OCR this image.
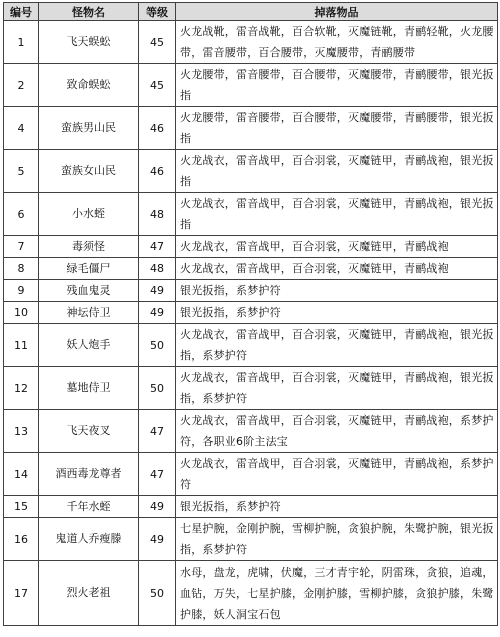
编号	怪物名	等级	掉落物品
1	飞天蜈蚣	45	火龙战靴，雷音战靴，百合软靴，灭魔链靴，青鹂轻靴，火龙腰带，雷音腰带，百合腰带，灭魔腰带，青鹂腰带
2	致命蜈蚣	45	火龙腰带，雷音腰带，百合腰带，灭魔腰带，青鹂腰带，银光扳指
4	蛮族男山民	46	火龙腰带，雷音腰带，百合腰带，灭魔腰带，青鹂腰带，银光扳指
5	蛮族女山民	46	火龙战衣，雷音战甲，百合羽裳，灭魔链甲，青鹂战袍，银光扳指
6	小水蛭	48	火龙战衣，雷音战甲，百合羽裳，灭魔链甲，青鹂战袍，银光扳指
7	毒须怪	47	火龙战衣，雷音战甲，百合羽裳，灭魔链甲，青鹂战袍
8	绿毛僵尸	48	火龙战衣，雷音战甲，百合羽裳，灭魔链甲，青鹂战袍
9	残血鬼灵	49	银光扳指，系梦护符
10	神坛侍卫	49	银光扳指，系梦护符
11	妖人炮手	50	火龙战衣，雷音战甲，百合羽裳，灭魔链甲，青鹂战袍，银光扳指，系梦护符
12	墓地侍卫	50	火龙战衣，雷音战甲，百合羽裳，灭魔链甲，青鹂战袍，银光扳指，系梦护符
13	飞天夜叉	47	火龙战衣，雷音战甲，百合羽裳，灭魔链甲，青鹂战袍，系梦护符，各职业6阶主法宝
14	酒西毒龙尊者	47	火龙战衣，雷音战甲，百合羽裳，灭魔链甲，青鹂战袍，系梦护符
15	千年水蛭	49	银光扳指，系梦护符
16	鬼道人乔瘦滕	49	七星护腕，金刚护腕，雪柳护腕，贪狼护腕，朱鹭护腕，银光扳指，系梦护符
17	烈火老祖	50	水母，盘龙，虎啸，伏魔，三才青宇轮，阴雷珠，贪狼，追魂，血钻，万失，七星护膝，金刚护膝，雪柳护膝，贪狼护膝，朱鹭护膝，妖人洞宝石包
